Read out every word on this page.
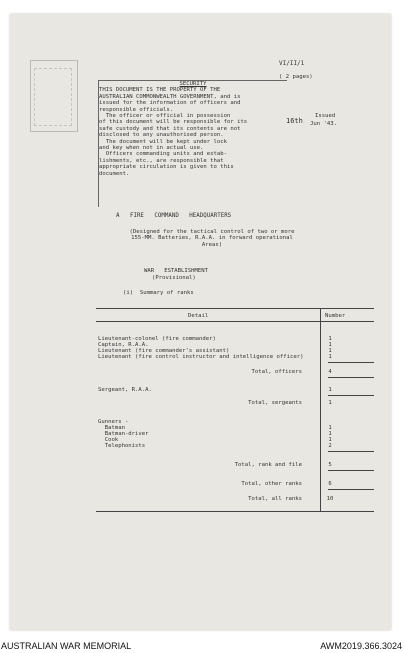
VI/II/1
( 2 pages)
SECURITY
THIS DOCUMENT IS THE PROPERTY OF THE
AUSTRALIAN COMMONWEALTH GOVERNMENT, and is
issued for the information of officers and
responsible officials.
The officer or official in possession
of this document will be responsible for its
safe custody and that its contents are not
disclosed to any unauthorised person.
The document will be kept under lock
and key when not in actual use.
Officers commanding units and estab-
lishments, etc., are responsible that
appropriate circulation is given to this
document.
16th
Issued
Jun '43.
A   FIRE   COMMAND   HEADQUARTERS
(Designed for the tactical control of two or more
155-MM. Batteries, R.A.A. in forward operational
Areas)
WAR   ESTABLISHMENT
(Provisional)
(i)  Summary of ranks
Detail	Number
Lieutenant-colonel (fire commander)	1
Captain, R.A.A.	1
Lieutenant (fire commander's assistant)	1
Lieutenant (fire control instructor and intelligence officer)	1
Total, officers	4
Sergeant, R.A.A.	1
Total, sergeants	1
Gunners -
Batman	1
Batman-driver	1
Cook	1
Telephonists	2
Total, rank and file	5
Total, other ranks	6
Total, all ranks	10
AUSTRALIAN WAR MEMORIAL	AWM2019.366.3024
